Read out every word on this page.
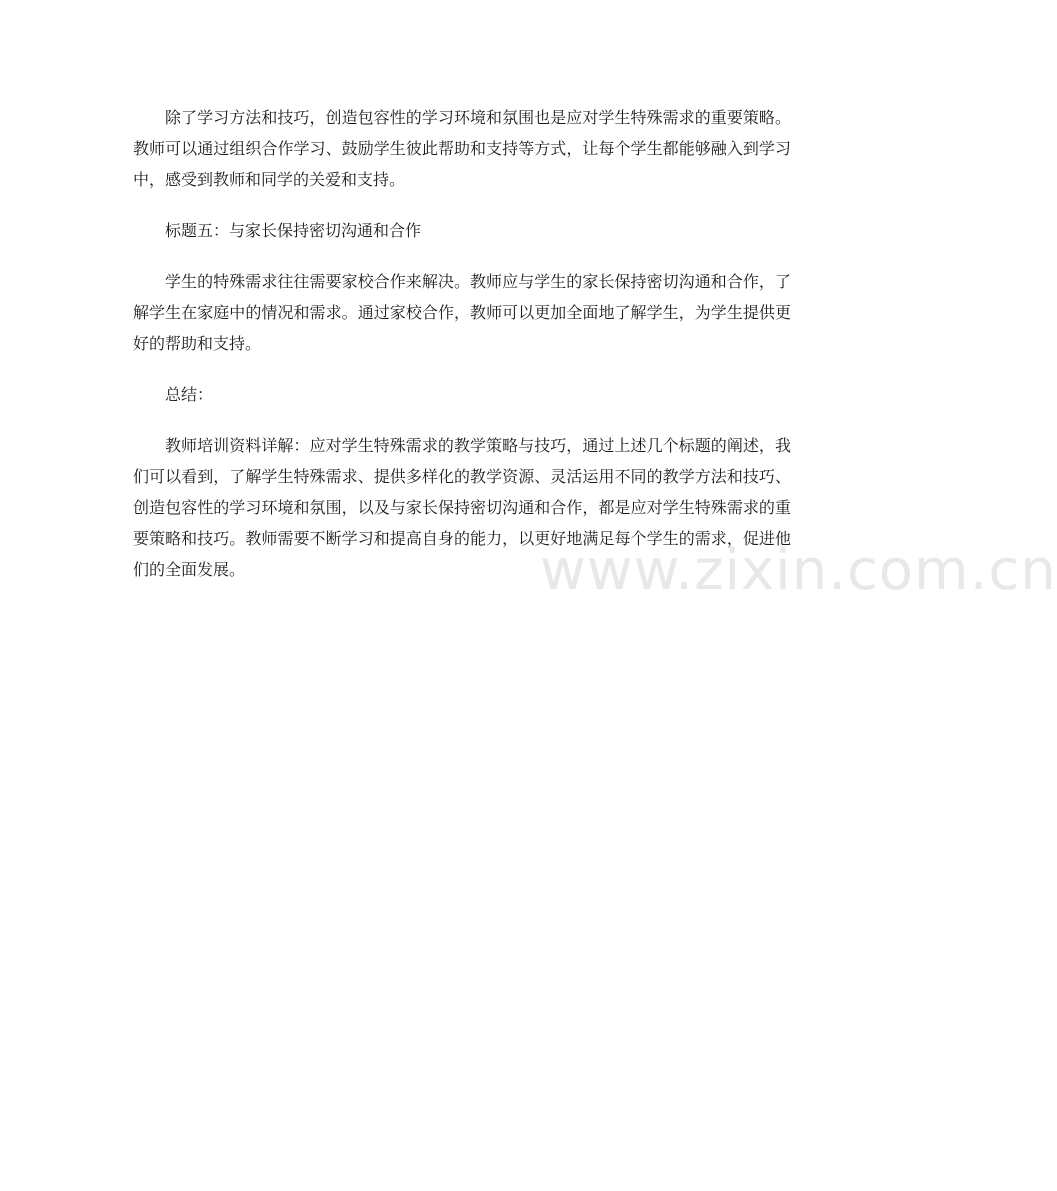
除了学习方法和技巧，创造包容性的学习环境和氛围也是应对学生特殊需求的重要策略。教师可以通过组织合作学习、鼓励学生彼此帮助和支持等方式，让每个学生都能够融入到学习中，感受到教师和同学的关爱和支持。

标题五：与家长保持密切沟通和合作

学生的特殊需求往往需要家校合作来解决。教师应与学生的家长保持密切沟通和合作，了解学生在家庭中的情况和需求。通过家校合作，教师可以更加全面地了解学生，为学生提供更好的帮助和支持。

总结：

教师培训资料详解：应对学生特殊需求的教学策略与技巧，通过上述几个标题的阐述，我们可以看到，了解学生特殊需求、提供多样化的教学资源、灵活运用不同的教学方法和技巧、创造包容性的学习环境和氛围，以及与家长保持密切沟通和合作，都是应对学生特殊需求的重要策略和技巧。教师需要不断学习和提高自身的能力，以更好地满足每个学生的需求，促进他们的全面发展。	www.zixin.com.cn
